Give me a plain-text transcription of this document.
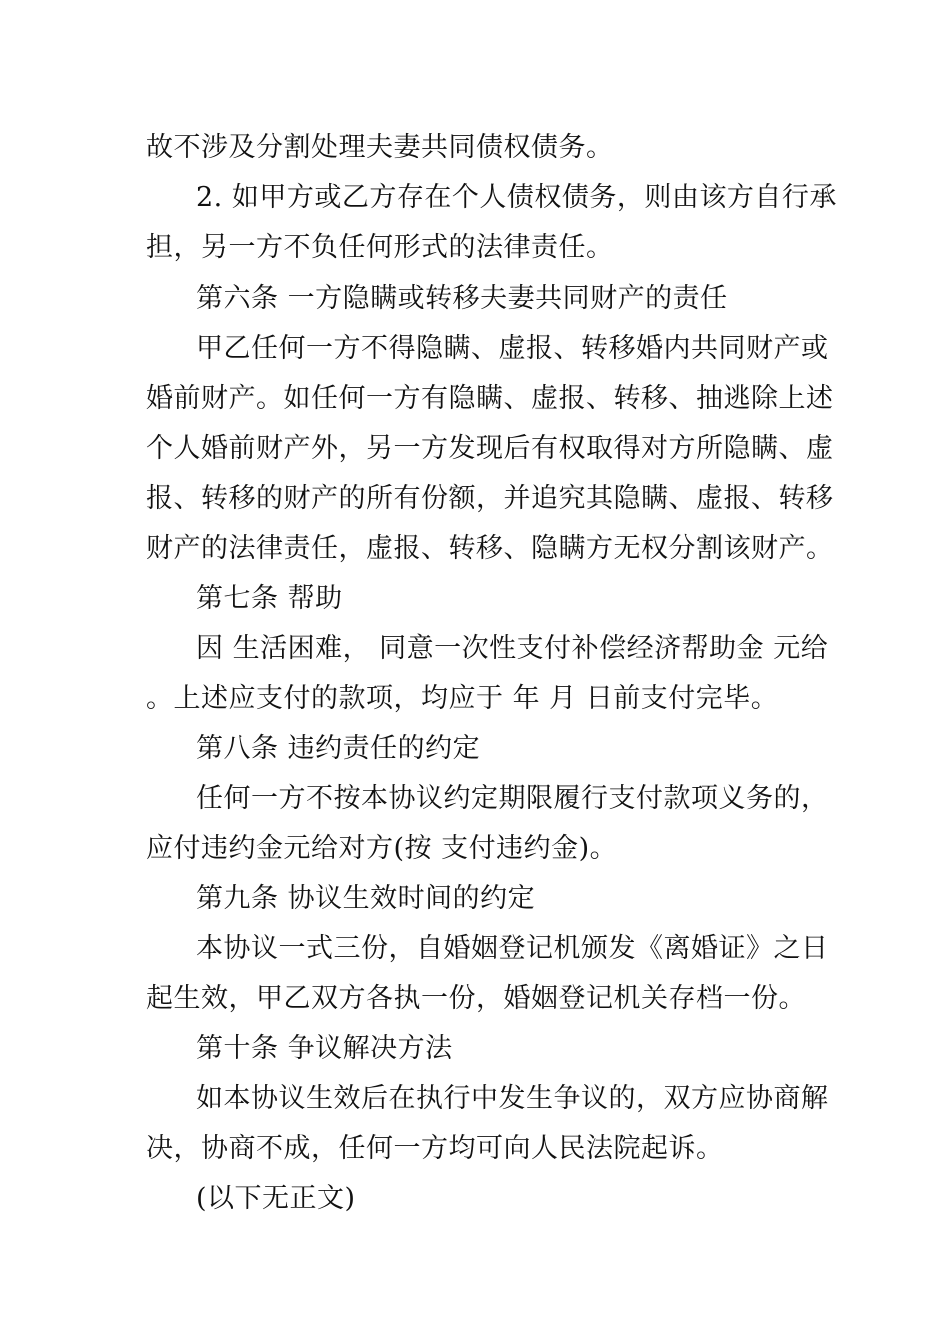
故不涉及分割处理夫妻共同债权债务。
2. 如甲方或乙方存在个人债权债务，则由该方自行承
担，另一方不负任何形式的法律责任。
第六条 一方隐瞒或转移夫妻共同财产的责任
甲乙任何一方不得隐瞒、虚报、转移婚内共同财产或
婚前财产。如任何一方有隐瞒、虚报、转移、抽逃除上述
个人婚前财产外，另一方发现后有权取得对方所隐瞒、虚
报、转移的财产的所有份额，并追究其隐瞒、虚报、转移
财产的法律责任，虚报、转移、隐瞒方无权分割该财产。
第七条 帮助
因 生活困难， 同意一次性支付补偿经济帮助金 元给
。上述应支付的款项，均应于 年 月 日前支付完毕。
第八条 违约责任的约定
任何一方不按本协议约定期限履行支付款项义务的，
应付违约金元给对方(按 支付违约金)。
第九条 协议生效时间的约定
本协议一式三份，自婚姻登记机颁发《离婚证》之日
起生效，甲乙双方各执一份，婚姻登记机关存档一份。
第十条 争议解决方法
如本协议生效后在执行中发生争议的，双方应协商解
决，协商不成，任何一方均可向人民法院起诉。
(以下无正文)
